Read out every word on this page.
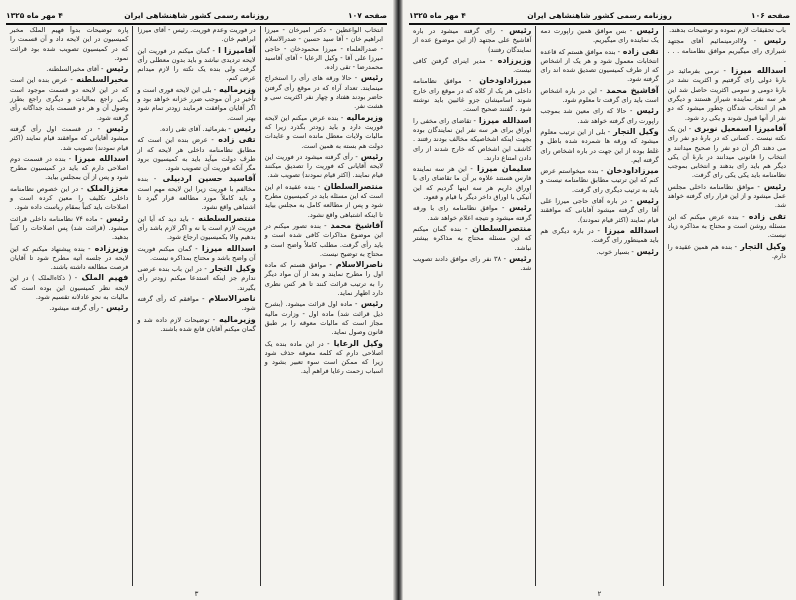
صفحه ۱۰۷
روزنامه رسمی کشور شاهنشاهی ایران
۴ مهر ماه ۱۳۲۵

انتخاب الواعظین - دکتر امیرخان - میرزا ابراهیم خان - آقا سید حسین - صدرالاسلام - صدرالعلماء - میرزا محمودخان - حاجی میرزا علی آقا - وکیل الرعایا - آقای آقاسید محمدرضا - تقی زاده.

رئیس - حالا ورقه های رأی را استخراج مینمایند. تعداد آراء که در موقع رأی گرفتن حاضر بودند هفتاد و چهار نفر اکثریت سی و هشت نفر.

وزیرمالیه - بنده عرض میکنم این لایحه فوریت دارد و باید زودتر بگذرد زیرا که مالیات ولایات معطل مانده است و عایدات دولت هم بسته به همین است.

رئیس - رأی گرفته میشود در فوریت این لایحه آقایانی که فوریت را تصدیق میکنند قیام نمایند. (اکثر قیام نمودند) تصویب شد.

منتصرالسلطان - بنده عقیده ام این است که این مسئله باید در کمیسیون مطرح شود و پس از مطالعه کامل به مجلس بیاید تا اینکه اشتباهی واقع نشود.

آقاشیخ محمد - بنده تصور میکنم در این موضوع مذاکرات کافی شده است و باید رأی گرفت. مطلب کاملاً واضح است و محتاج به توضیح نیست.

ناصرالاسلام - موافق هستم که ماده اول را مطرح نمایند و بعد از آن مواد دیگر را به ترتیب قرائت کنند تا هر کس نظری دارد اظهار نماید.

رئیس - ماده اول قرائت میشود. (بشرح ذیل قرائت شد) ماده اول - وزارت مالیه مجاز است که مالیات معوقه را بر طبق قانون وصول نماید.

وکیل الرعایا - در این ماده بنده یک اصلاحی دارم که کلمه معوقه حذف شود زیرا که ممکن است سوء تعبیر بشود و اسباب زحمت رعایا فراهم آید.

در فوریت وعدم فوریت. رئیس - آقای میرزا ابراهیم خان.

آقامیرزا ا - گمان میکنم در فوریت این لایحه تردیدی نباشد و باید بدون معطلی رأی گرفت ولی بنده یک نکته را لازم میدانم عرض کنم.

وزیرمالیه - بلی این لایحه فوری است و تأخیر در آن موجب ضرر خزانه خواهد بود و اگر آقایان موافقت فرمایند زودتر تمام شود بهتر است.

رئیس - بفرمائید. آقای تقی زاده.

تقی زاده - عرض بنده این است که مطابق نظامنامه داخلی هر لایحه که از طرف دولت میآید باید به کمیسیون برود مگر آنکه فوریت آن تصویب شود.

آقاسید حسین اردبیلی - بنده مخالفم با فوریت زیرا این لایحه مهم است و باید کاملاً مورد مطالعه قرار گیرد تا اشتباهی واقع نشود.

منتصرالسلطنه - باید دید که آیا این فوریت لازم است یا نه و اگر لازم باشد رأی بدهیم والا بکمیسیون ارجاع شود.

اسدالله میرزا - گمان میکنم فوریت آن واضح باشد و محتاج بمذاکره نیست.

وکیل التجار - در این باب بنده عرضی ندارم جز اینکه استدعا میکنم زودتر رأی بگیرند.

ناصرالاسلام - موافقم که رأی گرفته شود.

وزیرمالیه - توضیحات لازم داده شد و گمان میکنم آقایان قانع شده باشند.

پاره توضیحات بدواً فهیم الملک مخبر کمیسیون در این لایحه داد و آن قسمت را که در کمیسیون تصویب شده بود قرائت نمود.

رئیس - آقای مخبرالسلطنه.

مخبرالسلطنه - عرض بنده این است که در این لایحه دو قسمت موجود است یکی راجع بمالیات و دیگری راجع بطرز وصول آن و هر دو قسمت باید جداگانه رأی گرفته شود.

رئیس - در قسمت اول رأی گرفته میشود آقایانی که موافقند قیام نمایند (اکثر قیام نمودند) تصویب شد.

اسدالله میرزا - بنده در قسمت دوم اصلاحی دارم که باید در کمیسیون مطرح شود و پس از آن بمجلس بیاید.

معززالملک - در این خصوص نظامنامه داخلی تکلیف را معین کرده است و اصلاحات باید کتباً بمقام ریاست داده شود.

رئیس - ماده ۷۴ نظامنامه داخلی قرائت میشود. (قرائت شد) پس اصلاحات را کتباً بدهید.

وزیرزاده - بنده پیشنهاد میکنم که این لایحه در جلسه آتیه مطرح شود تا آقایان فرصت مطالعه داشته باشند.

فهیم الملک - ( ذکاءالملک ) در این لایحه نظر کمیسیون این بوده است که مالیات به نحو عادلانه تقسیم شود.

رئیس - رأی گرفته میشود.

۳
صفحه ۱۰۶
روزنامه رسمی کشور شاهنشاهی ایران
۴ مهر ماه ۱۳۲۵

باب تحقیقات لازم نموده و توضیحات بدهند.

رئیس - ولاادرمینمائیم آقای مجتهد شیرازی رای میگیریم موافق نظامنامه . . . .

اسدالله میرزا - نرمی بفرمائید در بارۀ دولی رای گرفتیم و اکثریت نشد در بارۀ دومی و سومی اکثریت حاصل شد این هر سه نفر نماینده شیراز هستند و دیگری هم از انتخاب شدگان چطور میشود که دو نفر از آنها قبول شوند و یکی رد شود.

آقامیرزا اسمعیل نوبری - این یک نکته نیست . کسانی که در بارۀ دو نفر رای می دهند اگر آن دو نفر را صحیح میدانند و انتخاب را قانونی میدانند در بارۀ آن یکی دیگر هم باید رای بدهند و انتخابی بموجب نظامنامه باید یکی یکی رای گرفت.

رئیس - موافق نظامنامه داخلی مجلس عمل میشود و از این قرار رای گرفته خواهد شد.

تقی زاده - بنده عرض میکنم که این مسئله روشن است و محتاج به مذاکره زیاد نیست.

وکیل التجار - بنده هم همین عقیده را دارم.

رئیس - بس موافق همین راپورت دمه یک نماینده رای میگیریم.

تقی زاده - بنده موافق هستم که قاعده انتخابات معمول شود و هر یک از اشخاص که از طرف کمیسیون تصدیق شده اند رای گرفته شود.

آقاشیخ محمد - این در باره اشخاص است باید رای گرفت تا معلوم شود.

رئیس - حالا که رای معین شد بموجب راپورت رای گرفته خواهد شد.

وکیل التجار - بلی از این ترتیب معلوم میشود که ورقه ها شمرده شده باطل و غلط بوده از این جهت در باره اشخاص رای گرفته ایم.

میرزاداودخان - بنده میخواستم عرض کنم که این ترتیب مطابق نظامنامه نیست و باید به ترتیب دیگری رای گرفت.

رئیس - در باره آقای حاجی میرزا علی آقا رای گرفته میشود آقایانی که موافقند قیام نمایند (اکثر قیام نمودند).

اسدالله میرزا - در باره دیگری هم باید همینطور رای گرفت.

رئیس - بسیار خوب.

رئیس - رای گرفته میشود در باره آقاشیخ علی مجتهد (از این موضوع عده از نمایندگان رفتند)

وزیرزاده - مدیر اینرای گرفتن کافی نیست.

میرزاداودخان - موافق نظامنامه داخلی هر یک از کلاه که در موقع رای خارج شوند اسامیشان جزو غائبین باید نوشته شود . گفتند صحیح است.

اسدالله میرزا - تقاضای رای مخفی را اوراق برای هر سه نفر این نمایندگان بوده بجهت اینکه اشخاصیکه مخالف بودند رفتند . کاشف این اشخاص که خارج شدند از رای دادن امتناع دارند.

سلیمان میرزا - این هر سه نماینده فارس هستند علاوه بر آن ما تقاضای رای با اوراق داریم هر سه اینها گردیم که این آنیکی با اوراق داخر دیگر با قیام و قعود.

رئیس - موافق نظامنامه رای با ورقه گرفته میشود و نتیجه اعلام خواهد شد.

منتصرالسلطان - بنده گمان میکنم که این مسئله محتاج به مذاکره بیشتر نباشد.

رئیس - ۳۸ نفر رای موافق دادند تصویب شد.

۲
